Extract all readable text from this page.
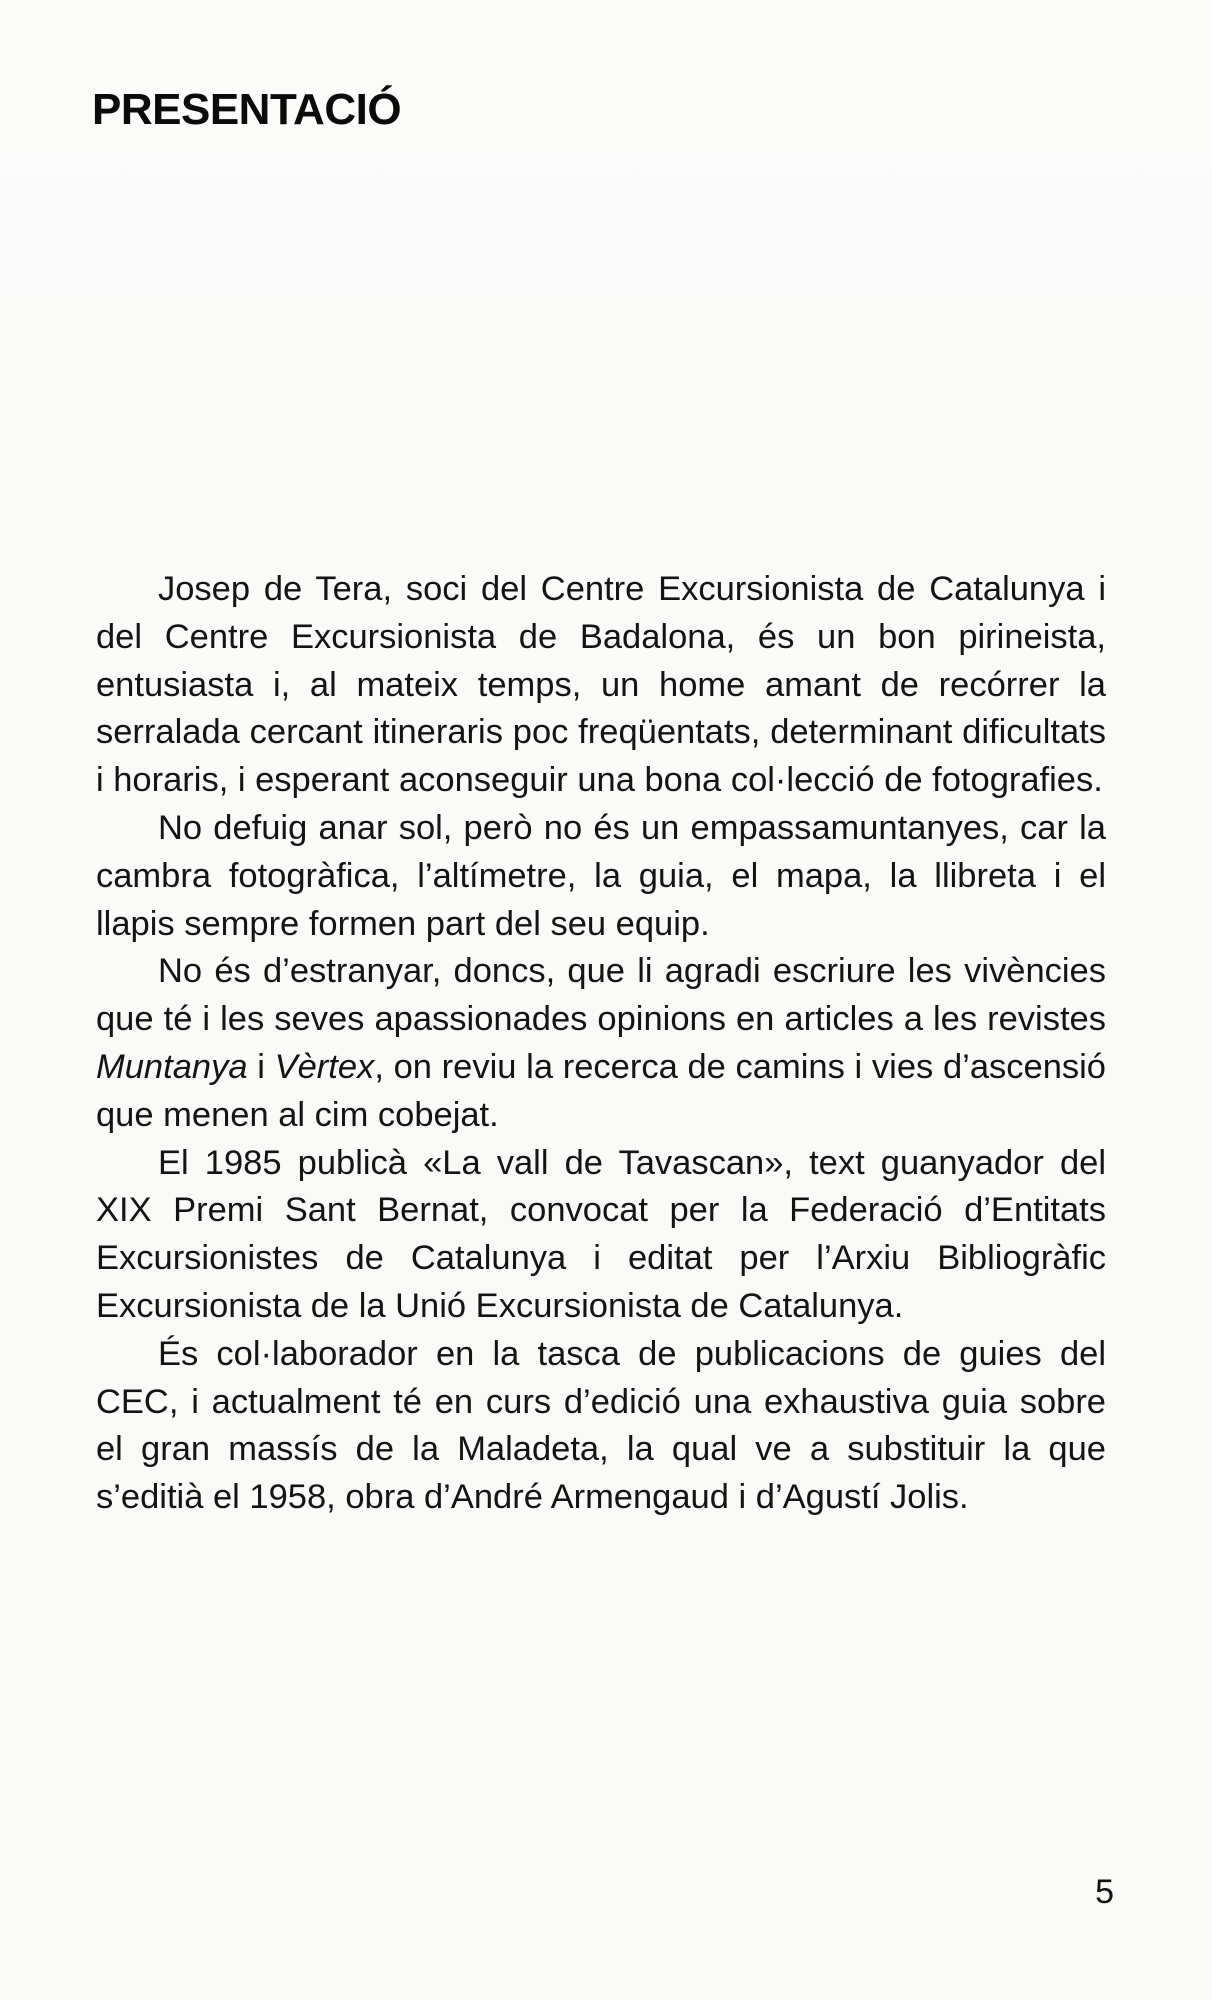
PRESENTACIÓ

Josep de Tera, soci del Centre Excursionista de Catalunya i del Centre Excursionista de Badalona, és un bon pirineista, entusiasta i, al mateix temps, un home amant de recórrer la serralada cercant itineraris poc freqüentats, determinant dificultats i horaris, i esperant aconseguir una bona col·lecció de fotografies.

No defuig anar sol, però no és un empassamuntanyes, car la cambra fotogràfica, l’altímetre, la guia, el mapa, la llibreta i el llapis sempre formen part del seu equip.

No és d’estranyar, doncs, que li agradi escriure les vivències que té i les seves apassionades opinions en articles a les revistes Muntanya i Vèrtex, on reviu la recerca de camins i vies d’ascensió que menen al cim cobejat.

El 1985 publicà «La vall de Tavascan», text guanyador del XIX Premi Sant Bernat, convocat per la Federació d’Entitats Excursionistes de Catalunya i editat per l’Arxiu Bibliogràfic Excursionista de la Unió Excursionista de Catalunya.

És col·laborador en la tasca de publicacions de guies del CEC, i actualment té en curs d’edició una exhaustiva guia sobre el gran massís de la Maladeta, la qual ve a substituir la que s’editià el 1958, obra d’André Armengaud i d’Agustí Jolis.

5
